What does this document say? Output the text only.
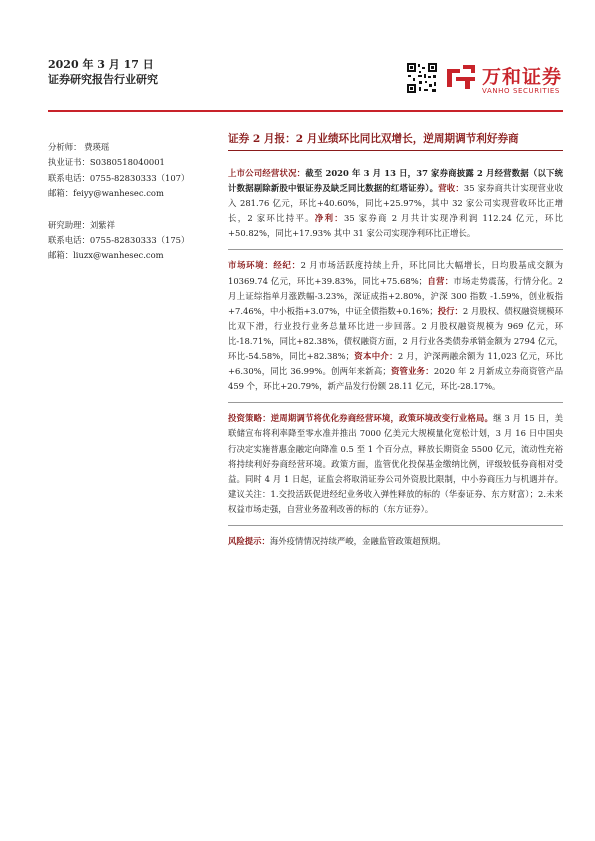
2020 年 3 月 17 日
证券研究报告行业研究	万和证券
VANHO SECURITIES
分析师： 费瑛瑶
执业证书：S0380518040001
联系电话：0755-82830333（107）
邮箱：feiyy@wanhesec.com
研究助理：刘紫祥
联系电话：0755-82830333（175）
邮箱：liuzx@wanhesec.com
证券 2 月报：2 月业绩环比同比双增长，逆周期调节利好券商

上市公司经营状况：截至 2020 年 3 月 13 日，37 家券商披露 2 月经营数据（以下统计数据剔除新股中银证券及缺乏同比数据的红塔证券）。营收：35 家券商共计实现营业收入 281.76 亿元，环比+40.60%，同比+25.97%，其中 32 家公司实现营收环比正增长，2 家环比持平。净利：35 家券商 2 月共计实现净利润 112.24 亿元，环比+50.82%，同比+17.93% 其中 31 家公司实现净利环比正增长。

市场环境：经纪：2 月市场活跃度持续上升，环比同比大幅增长，日均股基成交额为 10369.74 亿元，环比+39.83%，同比+75.68%；自营：市场走势震荡，行情分化。2 月上证综指单月涨跌幅-3.23%，深证成指+2.80%，沪深 300 指数 -1.59%，创业板指+7.46%，中小板指+3.07%，中证全债指数+0.16%；投行：2 月股权、债权融资规模环比双下滑，行业投行业务总量环比进一步回落。2 月股权融资规模为 969 亿元，环比-18.71%，同比+82.38%，债权融资方面，2 月行业各类债券承销金额为 2794 亿元，环比-54.58%，同比+82.38%；资本中介：2 月，沪深两融余额为 11,023 亿元，环比+6.30%，同比 36.99%。创两年来新高；资管业务：2020 年 2 月新成立券商资管产品 459 个，环比+20.79%，新产品发行份额 28.11 亿元，环比-28.17%。

投资策略：逆周期调节将优化券商经营环境，政策环境改变行业格局。继 3 月 15 日，美联储宣布将利率降至零水准并推出 7000 亿美元大规模量化宽松计划，3 月 16 日中国央行决定实施普惠金融定向降准 0.5 至 1 个百分点，释放长期资金 5500 亿元，流动性充裕将持续利好券商经营环境。政策方面，监管优化投保基金缴纳比例，评级较低券商相对受益。同时 4 月 1 日起，证监会将取消证券公司外资股比限制，中小券商压力与机遇并存。建议关注：1.交投活跃促进经纪业务收入弹性释放的标的（华泰证券、东方财富）；2.未来权益市场走强，自营业务盈利改善的标的（东方证券）。

风险提示：海外疫情情况持续严峻，金融监管政策超预期。
